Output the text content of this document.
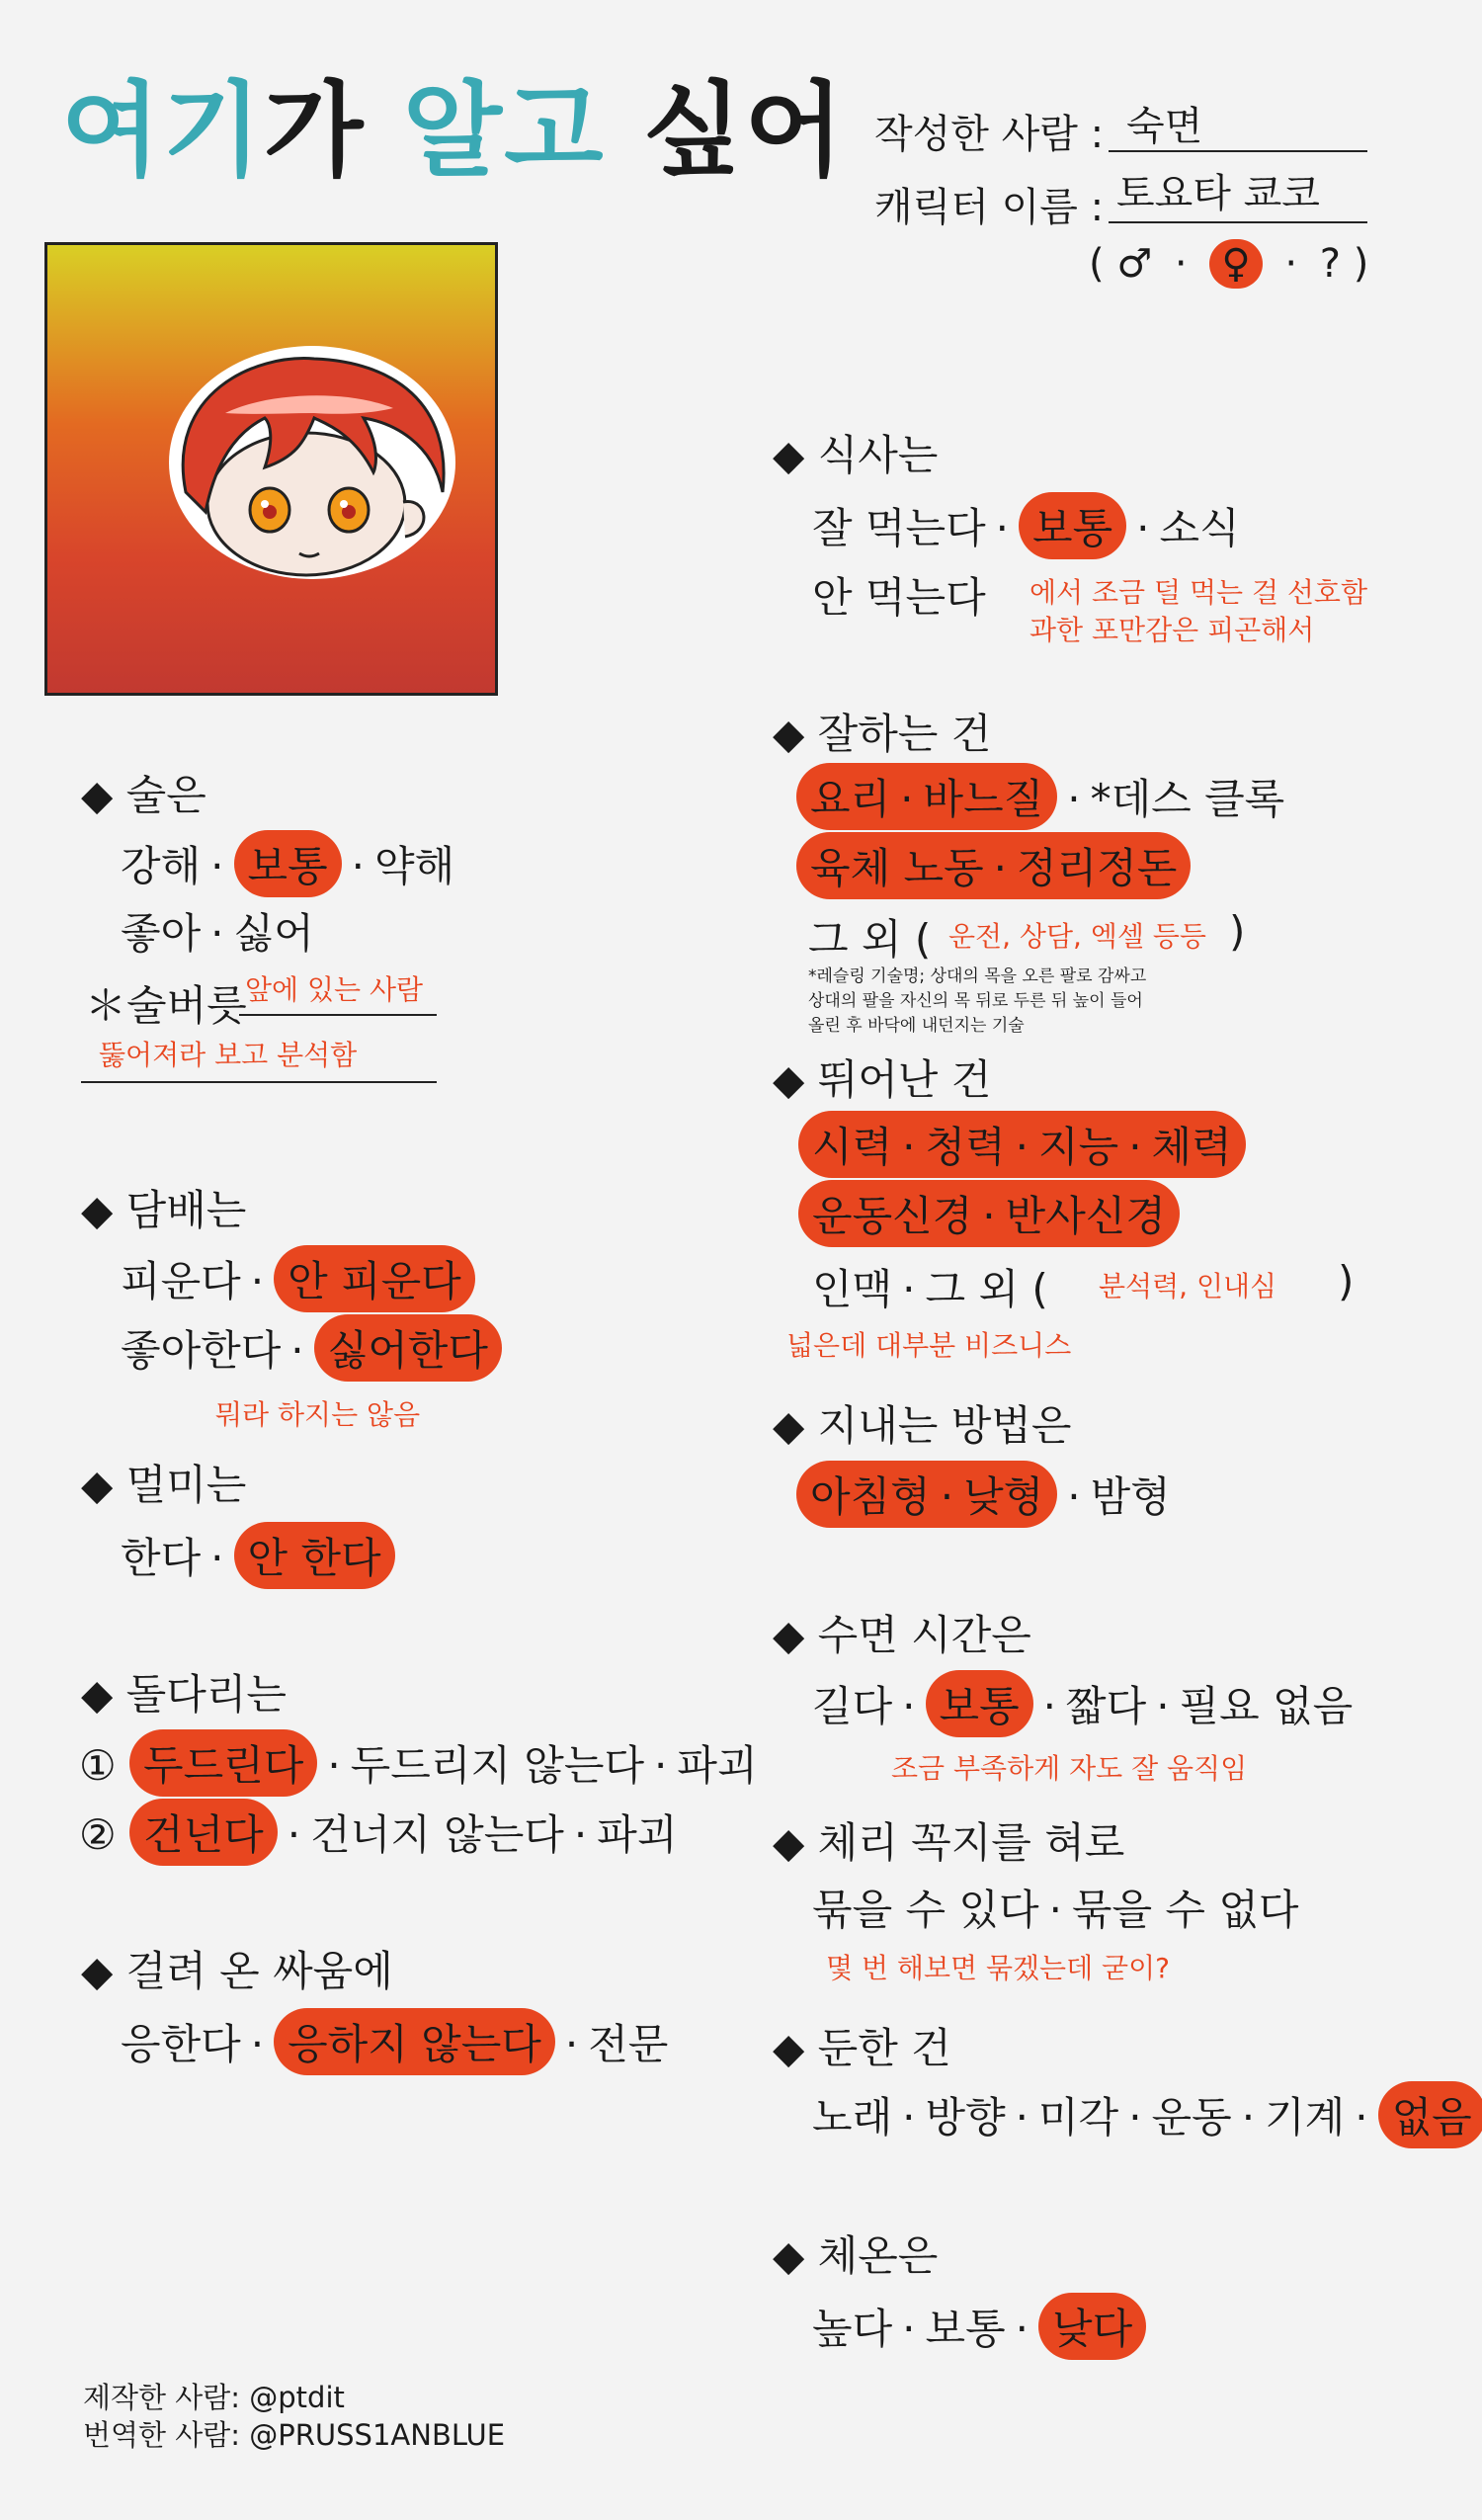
여기가 알고 싶어 작성한 사람 : 숙면
캐릭터 이름 : 토요타 쿄코
( ♂ · ♀ · ? )
◆ 술은
강해 · 보통 · 약해
좋아 · 싫어
＊술버릇
앞에 있는 사람
뚫어져라 보고 분석함
◆ 담배는
피운다 · 안 피운다
좋아한다 · 싫어한다
뭐라 하지는 않음
◆ 멀미는
한다 · 안 한다
◆ 돌다리는
① 두드린다 · 두드리지 않는다 · 파괴
② 건넌다 · 건너지 않는다 · 파괴
◆ 걸려 온 싸움에
응한다 · 응하지 않는다 · 전문
제작한 사람: @ptdit
번역한 사람: @PRUSS1ANBLUE
◆ 식사는
잘 먹는다 · 보통 · 소식
안 먹는다 에서 조금 덜 먹는 걸 선호함
과한 포만감은 피곤해서
◆ 잘하는 건
요리 · 바느질 · *데스 클록
육체 노동 · 정리정돈
그 외 ( 운전, 상담, 엑셀 등등 )
*레슬링 기술명; 상대의 목을 오른 팔로 감싸고
상대의 팔을 자신의 목 뒤로 두른 뒤 높이 들어
올린 후 바닥에 내던지는 기술
◆ 뛰어난 건
시력 · 청력 · 지능 · 체력
운동신경 · 반사신경
인맥 · 그 외 ( 분석력, 인내심 )
넓은데 대부분 비즈니스
◆ 지내는 방법은
아침형 · 낮형 · 밤형
◆ 수면 시간은
길다 · 보통 · 짧다 · 필요 없음
조금 부족하게 자도 잘 움직임
◆ 체리 꼭지를 혀로
묶을 수 있다 · 묶을 수 없다
몇 번 해보면 묶겠는데 굳이?
◆ 둔한 건
노래 · 방향 · 미각 · 운동 · 기계 · 없음
◆ 체온은
높다 · 보통 · 낮다
